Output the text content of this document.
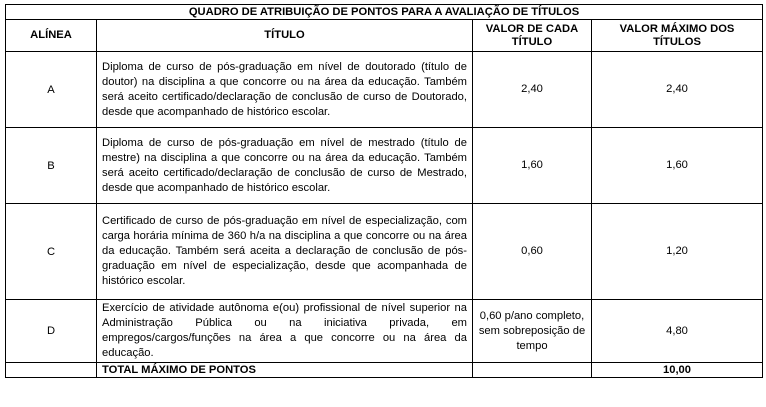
QUADRO DE ATRIBUIÇÃO DE PONTOS PARA A AVALIAÇÃO DE TÍTULOS			
ALÍNEA	TÍTULO	VALOR DE CADA TÍTULO	VALOR MÁXIMO DOS TÍTULOS
A	Diploma de curso de pós-graduação em nível de doutorado (título de doutor) na disciplina a que concorre ou na área da educação. Também será aceito certificado/declaração de conclusão de curso de Doutorado, desde que acompanhado de histórico escolar.	2,40	2,40
B	Diploma de curso de pós-graduação em nível de mestrado (título de mestre) na disciplina a que concorre ou na área da educação. Também será aceito certificado/declaração de conclusão de curso de Mestrado, desde que acompanhado de histórico escolar.	1,60	1,60
C	Certificado de curso de pós-graduação em nível de especialização, com carga horária mínima de 360 h/a na disciplina a que concorre ou na área da educação. Também será aceita a declaração de conclusão de pós-graduação em nível de especialização, desde que acompanhada de histórico escolar.	0,60	1,20
D	Exercício de atividade autônoma e(ou) profissional de nível superior na Administração Pública ou na iniciativa privada, em empregos/cargos/funções na área a que concorre ou na área da educação.	0,60 p/ano completo, sem sobreposição de tempo	4,80
	TOTAL MÁXIMO DE PONTOS		10,00
